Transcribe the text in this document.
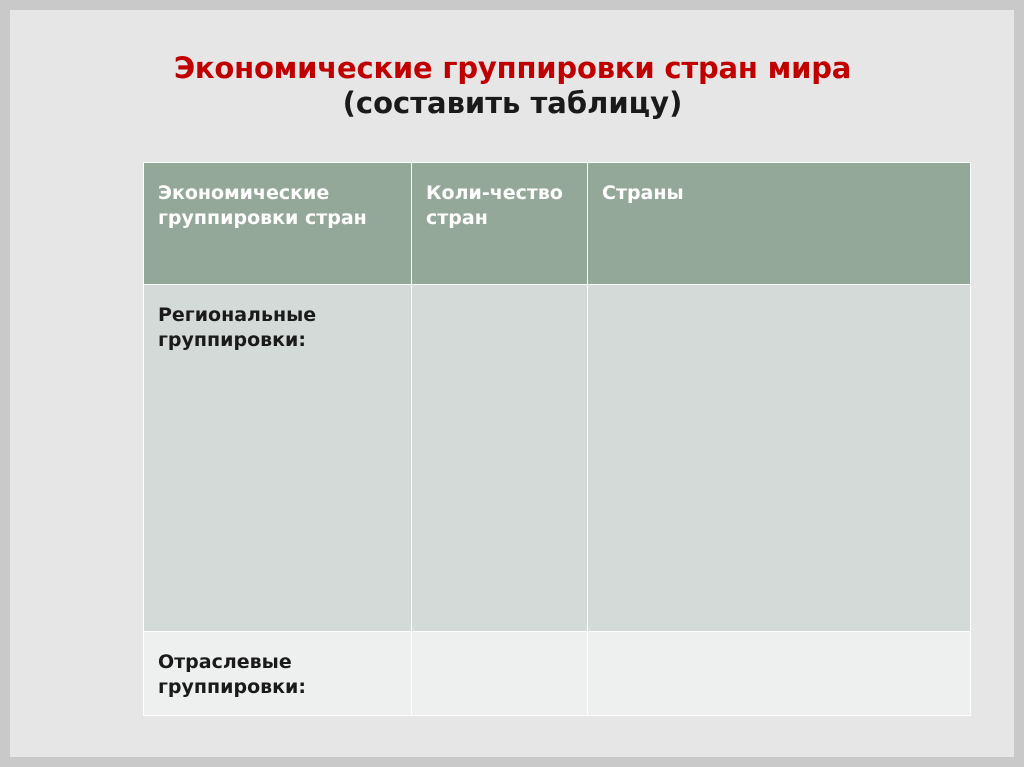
Экономические группировки стран мира
(составить таблицу)
Экономические группировки стран	Коли-чество стран	Страны
Региональные группировки:		
Отраслевые группировки:		
